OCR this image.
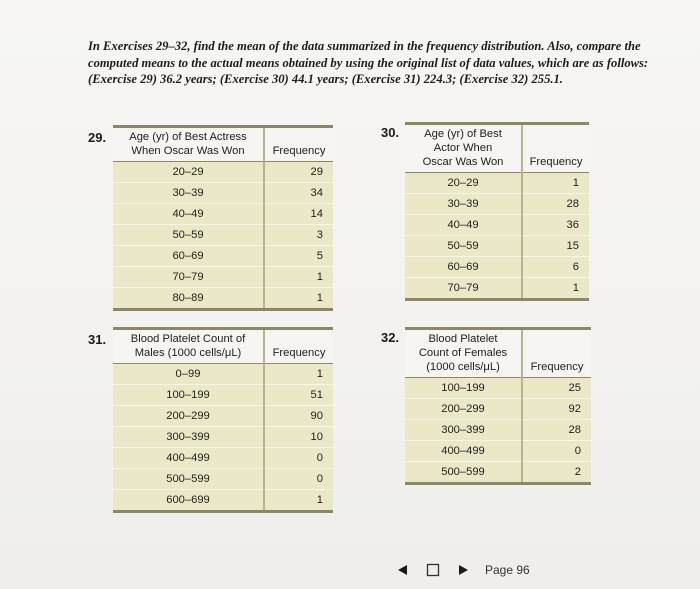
In Exercises 29–32, find the mean of the data summarized in the frequency distribution. Also, compare the computed means to the actual means obtained by using the original list of data values, which are as follows: (Exercise 29) 36.2 years; (Exercise 30) 44.1 years; (Exercise 31) 224.3; (Exercise 32) 255.1.

29.	Age (yr) of Best Actress
When Oscar Was Won	Frequency
20–29	29
30–39	34
40–49	14
50–59	3
60–69	5
70–79	1
80–89	1
30.	Age (yr) of Best
Actor When
Oscar Was Won	Frequency
20–29	1
30–39	28
40–49	36
50–59	15
60–69	6
70–79	1
31.	Blood Platelet Count of
Males (1000 cells/μL)	Frequency
0–99	1
100–199	51
200–299	90
300–399	10
400–499	0
500–599	0
600–699	1
32.	Blood Platelet
Count of Females
(1000 cells/μL)	Frequency
100–199	25
200–299	92
300–399	28
400–499	0
500–599	2
Page 96
